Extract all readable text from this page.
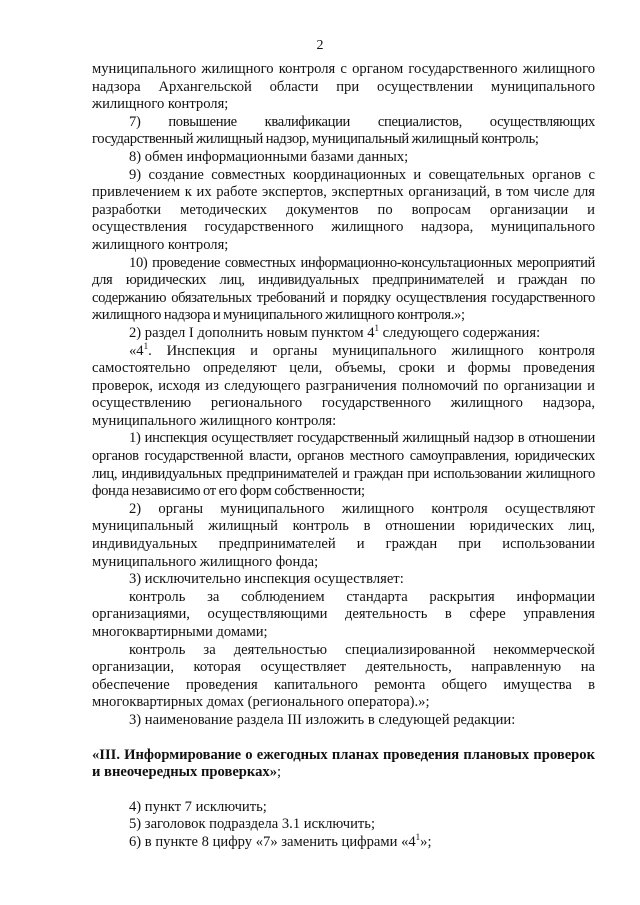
2

муниципального жилищного контроля с органом государственного жилищного надзора Архангельской области при осуществлении муниципального жилищного контроля;

7) повышение квалификации специалистов, осуществляющих государственный жилищный надзор, муниципальный жилищный контроль;

8) обмен информационными базами данных;

9) создание совместных координационных и совещательных органов с привлечением к их работе экспертов, экспертных организаций, в том числе для разработки методических документов по вопросам организации и осуществления государственного жилищного надзора, муниципального жилищного контроля;

10) проведение совместных информационно-консультационных мероприятий для юридических лиц, индивидуальных предпринимателей и граждан по содержанию обязательных требований и порядку осуществления государственного жилищного надзора и муниципального жилищного контроля.»;

2) раздел I дополнить новым пунктом $4^1$ следующего содержания:

«$4^1$. Инспекция и органы муниципального жилищного контроля самостоятельно определяют цели, объемы, сроки и формы проведения проверок, исходя из следующего разграничения полномочий по организации и осуществлению регионального государственного жилищного надзора, муниципального жилищного контроля:

1) инспекция осуществляет государственный жилищный надзор в отношении органов государственной власти, органов местного самоуправления, юридических лиц, индивидуальных предпринимателей и граждан при использовании жилищного фонда независимо от его форм собственности;

2) органы муниципального жилищного контроля осуществляют муниципальный жилищный контроль в отношении юридических лиц, индивидуальных предпринимателей и граждан при использовании муниципального жилищного фонда;

3) исключительно инспекция осуществляет:

контроль за соблюдением стандарта раскрытия информации организациями, осуществляющими деятельность в сфере управления многоквартирными домами;

контроль за деятельностью специализированной некоммерческой организации, которая осуществляет деятельность, направленную на обеспечение проведения капитального ремонта общего имущества в многоквартирных домах (регионального оператора).»;

3) наименование раздела III изложить в следующей редакции:

«III. Информирование о ежегодных планах проведения плановых проверок и внеочередных проверках»;

4) пункт 7 исключить;

5) заголовок подраздела 3.1 исключить;

6) в пункте 8 цифру «7» заменить цифрами «$4^1$»;
